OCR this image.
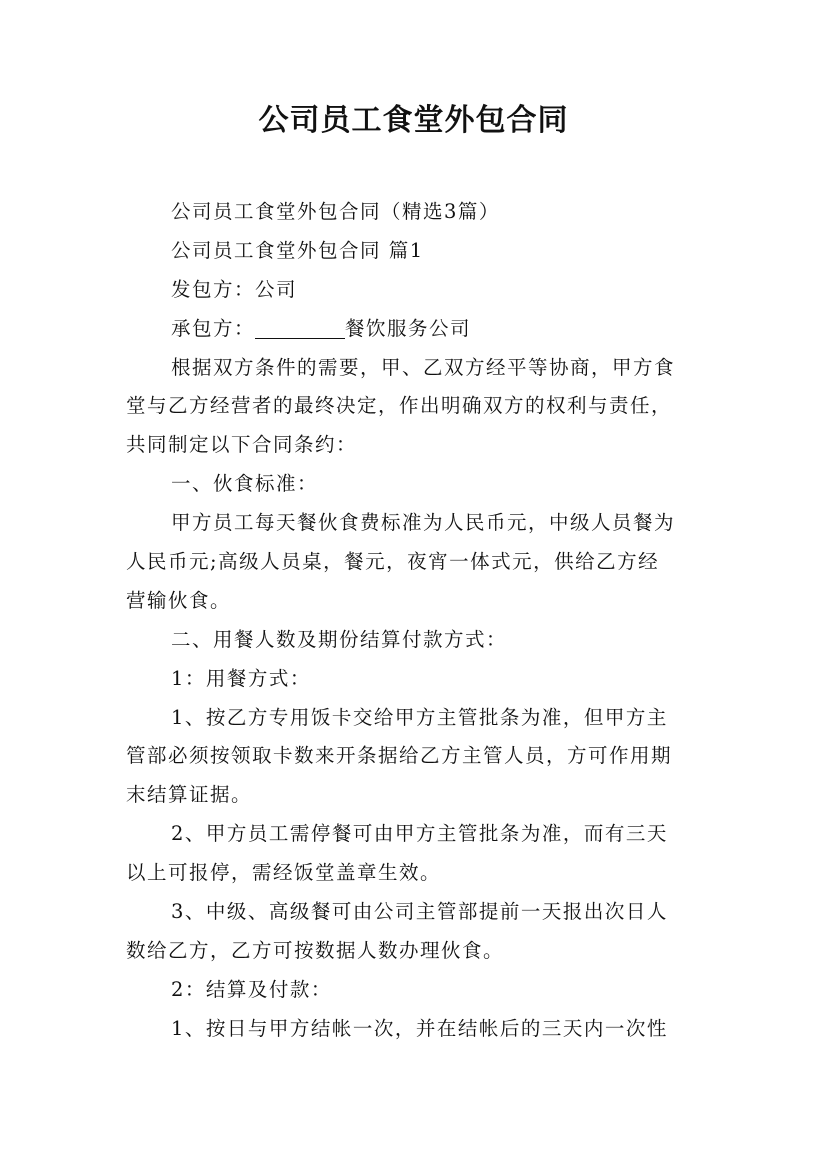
公司员工食堂外包合同
公司员工食堂外包合同（精选3篇）
公司员工食堂外包合同 篇1
发包方：公司
承包方：	餐饮服务公司
根据双方条件的需要，甲、乙双方经平等协商，甲方食
堂与乙方经营者的最终决定，作出明确双方的权利与责任，
共同制定以下合同条约：
一、伙食标准：
甲方员工每天餐伙食费标准为人民币元，中级人员餐为
人民币元;高级人员桌，餐元，夜宵一体式元，供给乙方经
营输伙食。
二、用餐人数及期份结算付款方式：
1：用餐方式：
1、按乙方专用饭卡交给甲方主管批条为准，但甲方主
管部必须按领取卡数来开条据给乙方主管人员，方可作用期
末结算证据。
2、甲方员工需停餐可由甲方主管批条为准，而有三天
以上可报停，需经饭堂盖章生效。
3、中级、高级餐可由公司主管部提前一天报出次日人
数给乙方，乙方可按数据人数办理伙食。
2：结算及付款：
1、按日与甲方结帐一次，并在结帐后的三天内一次性
